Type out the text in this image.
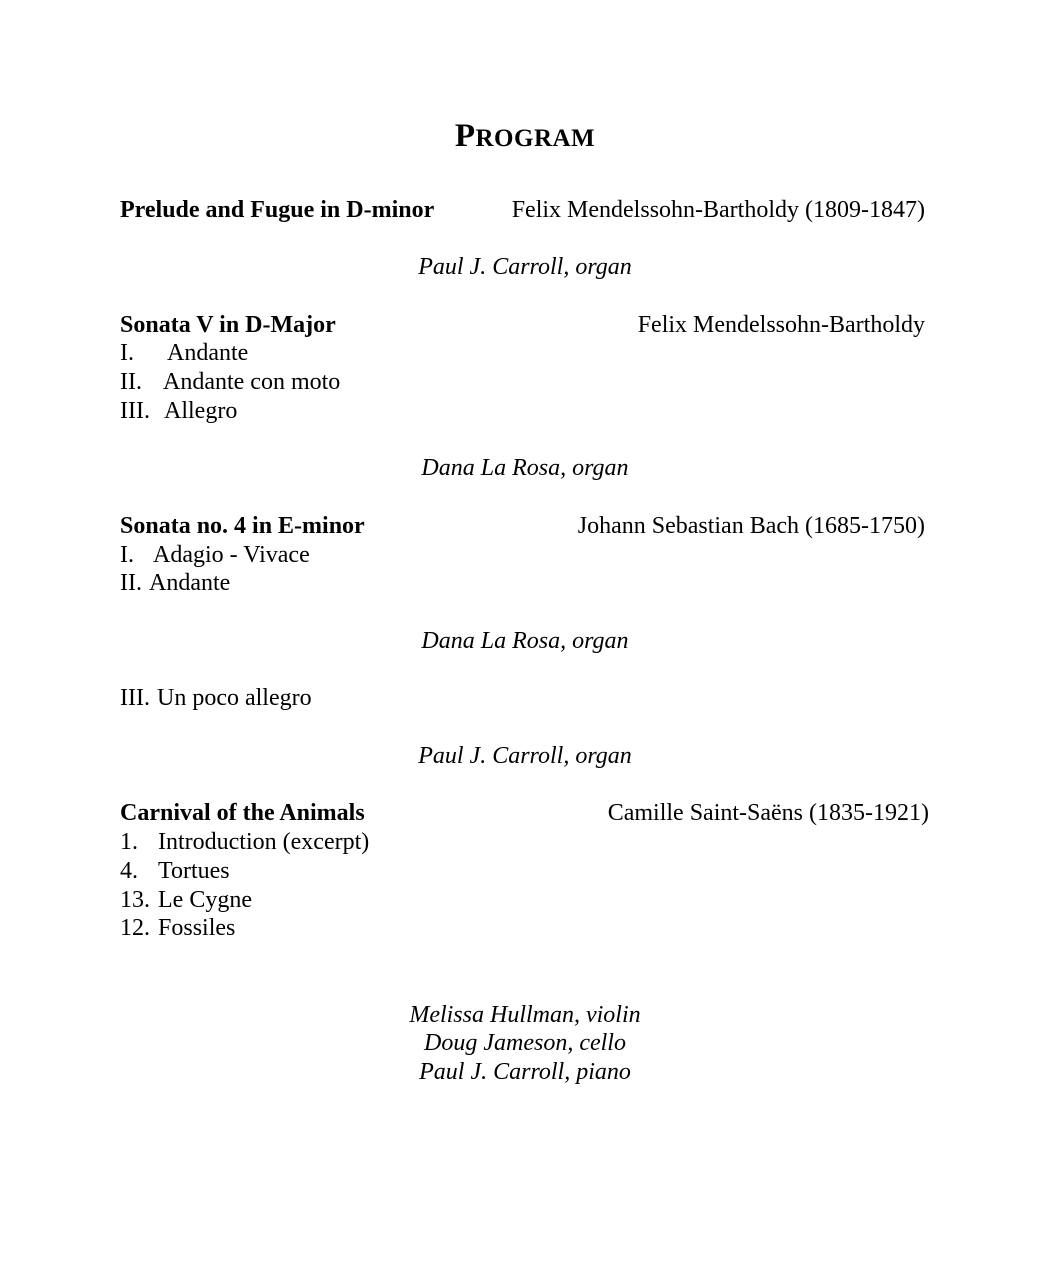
PROGRAM
Prelude and Fugue in D-minor	Felix Mendelssohn-Bartholdy (1809-1847)
Paul J. Carroll, organ
Sonata V in D-Major	Felix Mendelssohn-Bartholdy
I. Andante
II. Andante con moto
III. Allegro
Dana La Rosa, organ
Sonata no. 4 in E-minor	Johann Sebastian Bach (1685-1750)
I. Adagio - Vivace
II. Andante
Dana La Rosa, organ
III. Un poco allegro
Paul J. Carroll, organ
Carnival of the Animals	Camille Saint-Saëns (1835-1921)
1. Introduction (excerpt)
4. Tortues
13. Le Cygne
12. Fossiles
Melissa Hullman, violin
Doug Jameson, cello
Paul J. Carroll, piano
